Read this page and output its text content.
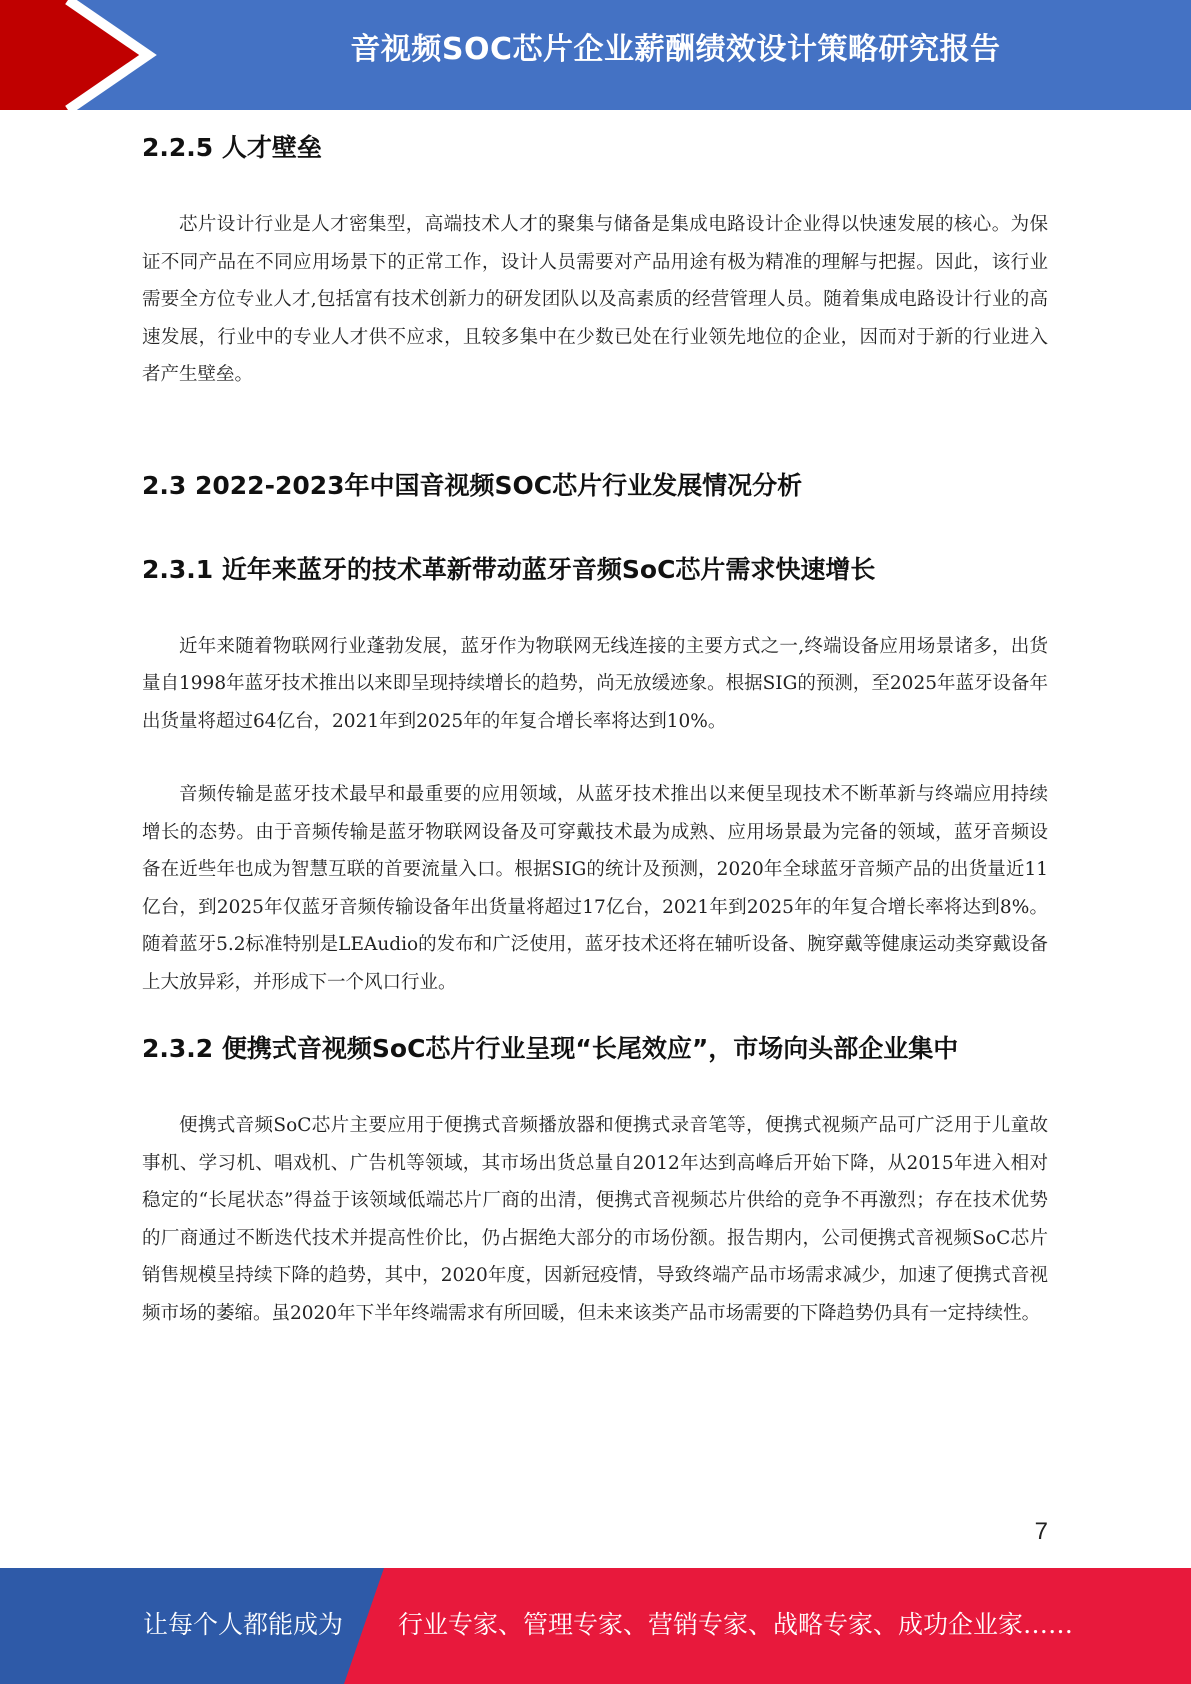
音视频SOC芯片企业薪酬绩效设计策略研究报告
2.2.5 人才壁垒

芯片设计行业是人才密集型，高端技术人才的聚集与储备是集成电路设计企业得以快速发展的核心。为保证不同产品在不同应用场景下的正常工作，设计人员需要对产品用途有极为精准的理解与把握。因此，该行业需要全方位专业人才,包括富有技术创新力的研发团队以及高素质的经营管理人员。随着集成电路设计行业的高速发展，行业中的专业人才供不应求，且较多集中在少数已处在行业领先地位的企业，因而对于新的行业进入者产生壁垒。

2.3 2022-2023年中国音视频SOC芯片行业发展情况分析
2.3.1 近年来蓝牙的技术革新带动蓝牙音频SoC芯片需求快速增长

近年来随着物联网行业蓬勃发展，蓝牙作为物联网无线连接的主要方式之一,终端设备应用场景诸多，出货量自1998年蓝牙技术推出以来即呈现持续增长的趋势，尚无放缓迹象。根据SIG的预测，至2025年蓝牙设备年出货量将超过64亿台，2021年到2025年的年复合增长率将达到10%。

音频传输是蓝牙技术最早和最重要的应用领域，从蓝牙技术推出以来便呈现技术不断革新与终端应用持续增长的态势。由于音频传输是蓝牙物联网设备及可穿戴技术最为成熟、应用场景最为完备的领域，蓝牙音频设备在近些年也成为智慧互联的首要流量入口。根据SIG的统计及预测，2020年全球蓝牙音频产品的出货量近11亿台，到2025年仅蓝牙音频传输设备年出货量将超过17亿台，2021年到2025年的年复合增长率将达到8%。随着蓝牙5.2标准特别是LEAudio的发布和广泛使用，蓝牙技术还将在辅听设备、腕穿戴等健康运动类穿戴设备上大放异彩，并形成下一个风口行业。

2.3.2 便携式音视频SoC芯片行业呈现“长尾效应”，市场向头部企业集中

便携式音频SoC芯片主要应用于便携式音频播放器和便携式录音笔等，便携式视频产品可广泛用于儿童故事机、学习机、唱戏机、广告机等领域，其市场出货总量自2012年达到高峰后开始下降，从2015年进入相对稳定的“长尾状态”得益于该领域低端芯片厂商的出清，便携式音视频芯片供给的竞争不再激烈；存在技术优势的厂商通过不断迭代技术并提高性价比，仍占据绝大部分的市场份额。报告期内，公司便携式音视频SoC芯片销售规模呈持续下降的趋势，其中，2020年度，因新冠疫情，导致终端产品市场需求减少，加速了便携式音视频市场的萎缩。虽2020年下半年终端需求有所回暖，但未来该类产品市场需要的下降趋势仍具有一定持续性。

7
让每个人都能成为 行业专家、管理专家、营销专家、战略专家、成功企业家……
